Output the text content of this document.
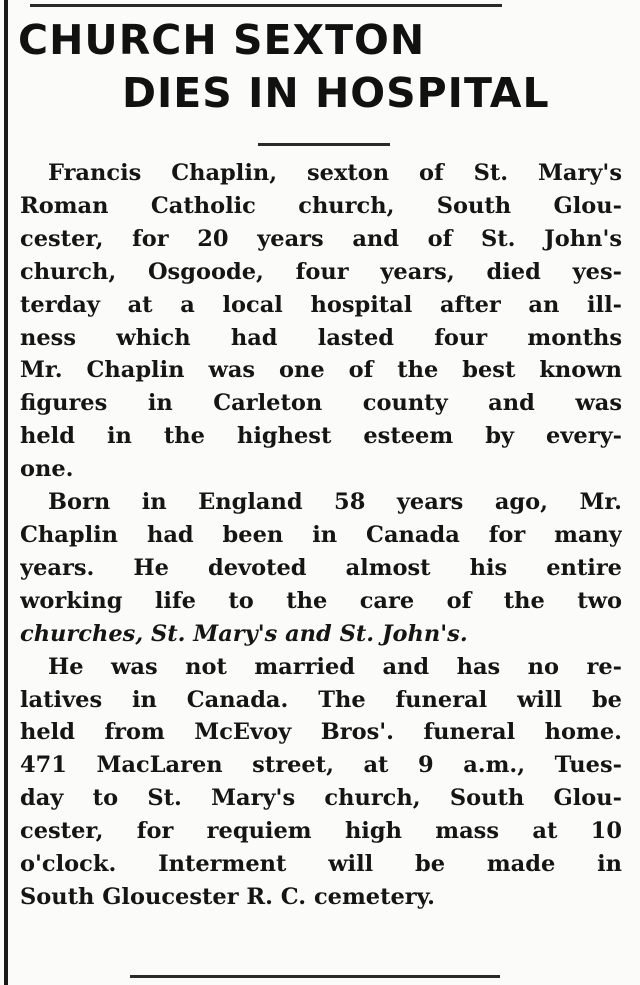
CHURCH SEXTON
DIES IN HOSPITAL

Francis Chaplin, sexton of St. Mary's
Roman Catholic church, South Glou-
cester, for 20 years and of St. John's
church, Osgoode, four years, died yes-
terday at a local hospital after an ill-
ness which had lasted four months
Mr. Chaplin was one of the best known
figures in Carleton county and was
held in the highest esteem by every-
one.

Born in England 58 years ago, Mr.
Chaplin had been in Canada for many
years. He devoted almost his entire
working life to the care of the two
churches, St. Mary's and St. John's.

He was not married and has no re-
latives in Canada. The funeral will be
held from McEvoy Bros'. funeral home.
471 MacLaren street, at 9 a.m., Tues-
day to St. Mary's church, South Glou-
cester, for requiem high mass at 10
o'clock. Interment will be made in
South Gloucester R. C. cemetery.
